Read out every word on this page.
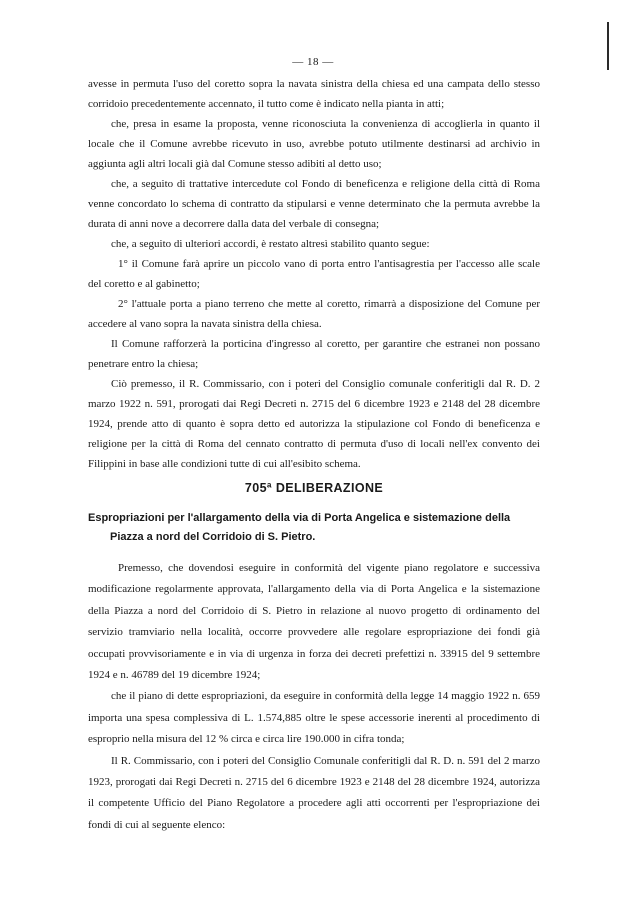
— 18 —

avesse in permuta l'uso del coretto sopra la navata sinistra della chiesa ed una campata dello stesso corridoio precedentemente accennato, il tutto come è indicato nella pianta in atti;

che, presa in esame la proposta, venne riconosciuta la convenienza di accoglierla in quanto il locale che il Comune avrebbe ricevuto in uso, avrebbe potuto utilmente destinarsi ad archivio in aggiunta agli altri locali già dal Comune stesso adibiti al detto uso;

che, a seguito di trattative intercedute col Fondo di beneficenza e religione della città di Roma venne concordato lo schema di contratto da stipularsi e venne determinato che la permuta avrebbe la durata di anni nove a decorrere dalla data del verbale di consegna;

che, a seguito di ulteriori accordi, è restato altresì stabilito quanto segue:

1° il Comune farà aprire un piccolo vano di porta entro l'antisagrestia per l'accesso alle scale del coretto e al gabinetto;

2° l'attuale porta a piano terreno che mette al coretto, rimarrà a disposizione del Comune per accedere al vano sopra la navata sinistra della chiesa.

Il Comune rafforzerà la porticina d'ingresso al coretto, per garantire che estranei non possano penetrare entro la chiesa;

Ciò premesso, il R. Commissario, con i poteri del Consiglio comunale conferitigli dal R. D. 2 marzo 1922 n. 591, prorogati dai Regi Decreti n. 2715 del 6 dicembre 1923 e 2148 del 28 dicembre 1924, prende atto di quanto è sopra detto ed autorizza la stipulazione col Fondo di beneficenza e religione per la città di Roma del cennato contratto di permuta d'uso di locali nell'ex convento dei Filippini in base alle condizioni tutte di cui all'esibito schema.

705ª DELIBERAZIONE
Espropriazioni per l'allargamento della via di Porta Angelica e sistemazione della
Piazza a nord del Corridoio di S. Pietro.

Premesso, che dovendosi eseguire in conformità del vigente piano regolatore e successiva modificazione regolarmente approvata, l'allargamento della via di Porta Angelica e la sistemazione della Piazza a nord del Corridoio di S. Pietro in relazione al nuovo progetto di ordinamento del servizio tramviario nella località, occorre provvedere alle regolare espropriazione dei fondi già occupati provvisoriamente e in via di urgenza in forza dei decreti prefettizi n. 33915 del 9 settembre 1924 e n. 46789 del 19 dicembre 1924;

che il piano di dette espropriazioni, da eseguire in conformità della legge 14 maggio 1922 n. 659 importa una spesa complessiva di L. 1.574,885 oltre le spese accessorie inerenti al procedimento di esproprio nella misura del 12 % circa e circa lire 190.000 in cifra tonda;

Il R. Commissario, con i poteri del Consiglio Comunale conferitigli dal R. D. n. 591 del 2 marzo 1923, prorogati dai Regi Decreti n. 2715 del 6 dicembre 1923 e 2148 del 28 dicembre 1924, autorizza il competente Ufficio del Piano Regolatore a procedere agli atti occorrenti per l'espropriazione dei fondi di cui al seguente elenco:
